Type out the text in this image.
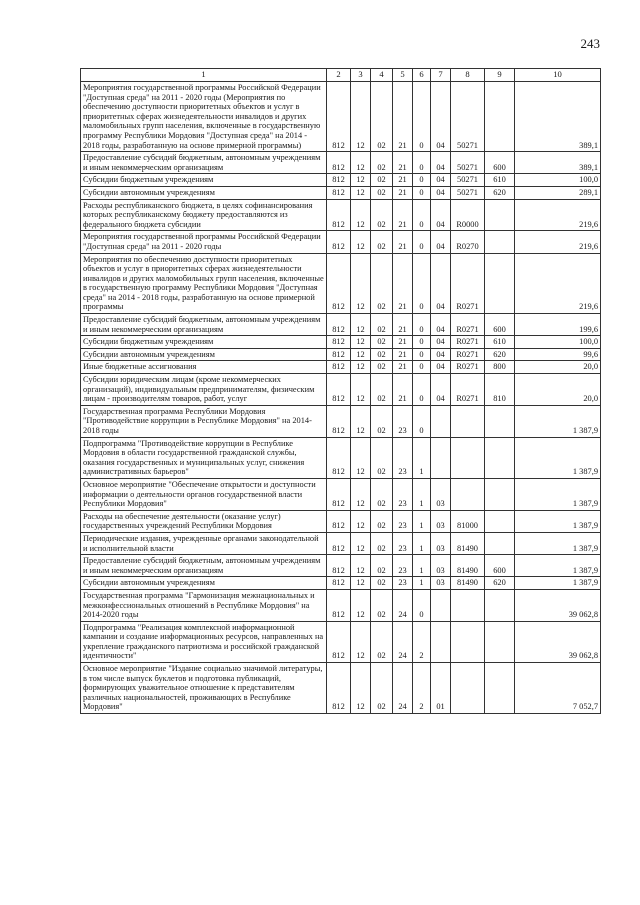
243
1	2	3	4	5	6	7	8	9	10
Мероприятия государственной программы Российской Федерации "Доступная среда" на 2011 - 2020 годы (Мероприятия по обеспечению доступности приоритетных объектов и услуг в приоритетных сферах жизнедеятельности инвалидов и других маломобильных групп населения, включенные в государственную программу Республики Мордовия "Доступная среда" на 2014 - 2018 годы, разработанную на основе примерной программы)	812	12	02	21	0	04	50271		389,1
Предоставление субсидий бюджетным, автономным учреждениям и иным некоммерческим организациям	812	12	02	21	0	04	50271	600	389,1
Субсидии бюджетным учреждениям	812	12	02	21	0	04	50271	610	100,0
Субсидии автономным учреждениям	812	12	02	21	0	04	50271	620	289,1
Расходы республиканского бюджета, в целях софинансирования которых республиканскому бюджету предоставляются из федерального бюджета субсидии	812	12	02	21	0	04	R0000		219,6
Мероприятия государственной программы Российской Федерации "Доступная среда" на 2011 - 2020 годы	812	12	02	21	0	04	R0270		219,6
Мероприятия по обеспечению доступности приоритетных объектов и услуг в приоритетных сферах жизнедеятельности инвалидов и других маломобильных групп населения, включенные в государственную программу Республики Мордовия "Доступная среда" на 2014 - 2018 годы, разработанную на основе примерной программы	812	12	02	21	0	04	R0271		219,6
Предоставление субсидий бюджетным, автономным учреждениям и иным некоммерческим организациям	812	12	02	21	0	04	R0271	600	199,6
Субсидии бюджетным учреждениям	812	12	02	21	0	04	R0271	610	100,0
Субсидии автономным учреждениям	812	12	02	21	0	04	R0271	620	99,6
Иные бюджетные ассигнования	812	12	02	21	0	04	R0271	800	20,0
Субсидии юридическим лицам (кроме некоммерческих организаций), индивидуальным предпринимателям, физическим лицам - производителям товаров, работ, услуг	812	12	02	21	0	04	R0271	810	20,0
Государственная программа Республики Мордовия "Противодействие коррупции в Республике Мордовия" на 2014-2018 годы	812	12	02	23	0				1 387,9
Подпрограмма "Противодействие коррупции в Республике Мордовия в области государственной гражданской службы, оказания государственных и муниципальных услуг, снижения административных барьеров"	812	12	02	23	1				1 387,9
Основное мероприятие "Обеспечение открытости и доступности информации о деятельности органов государственной власти Республики Мордовия"	812	12	02	23	1	03			1 387,9
Расходы на обеспечение деятельности (оказание услуг) государственных учреждений Республики Мордовия	812	12	02	23	1	03	81000		1 387,9
Периодические издания, учрежденные органами законодательной и исполнительной власти	812	12	02	23	1	03	81490		1 387,9
Предоставление субсидий бюджетным, автономным учреждениям и иным некоммерческим организациям	812	12	02	23	1	03	81490	600	1 387,9
Субсидии автономным учреждениям	812	12	02	23	1	03	81490	620	1 387,9
Государственная программа "Гармонизация межнациональных и межконфессиональных отношений в Республике Мордовия" на 2014-2020 годы	812	12	02	24	0				39 062,8
Подпрограмма "Реализация комплексной информационной кампании и создание информационных ресурсов, направленных на укрепление гражданского патриотизма и российской гражданской идентичности"	812	12	02	24	2				39 062,8
Основное мероприятие "Издание социально значимой литературы, в том числе выпуск буклетов и подготовка публикаций, формирующих уважительное отношение к представителям различных национальностей, проживающих в Республике Мордовия"	812	12	02	24	2	01			7 052,7
